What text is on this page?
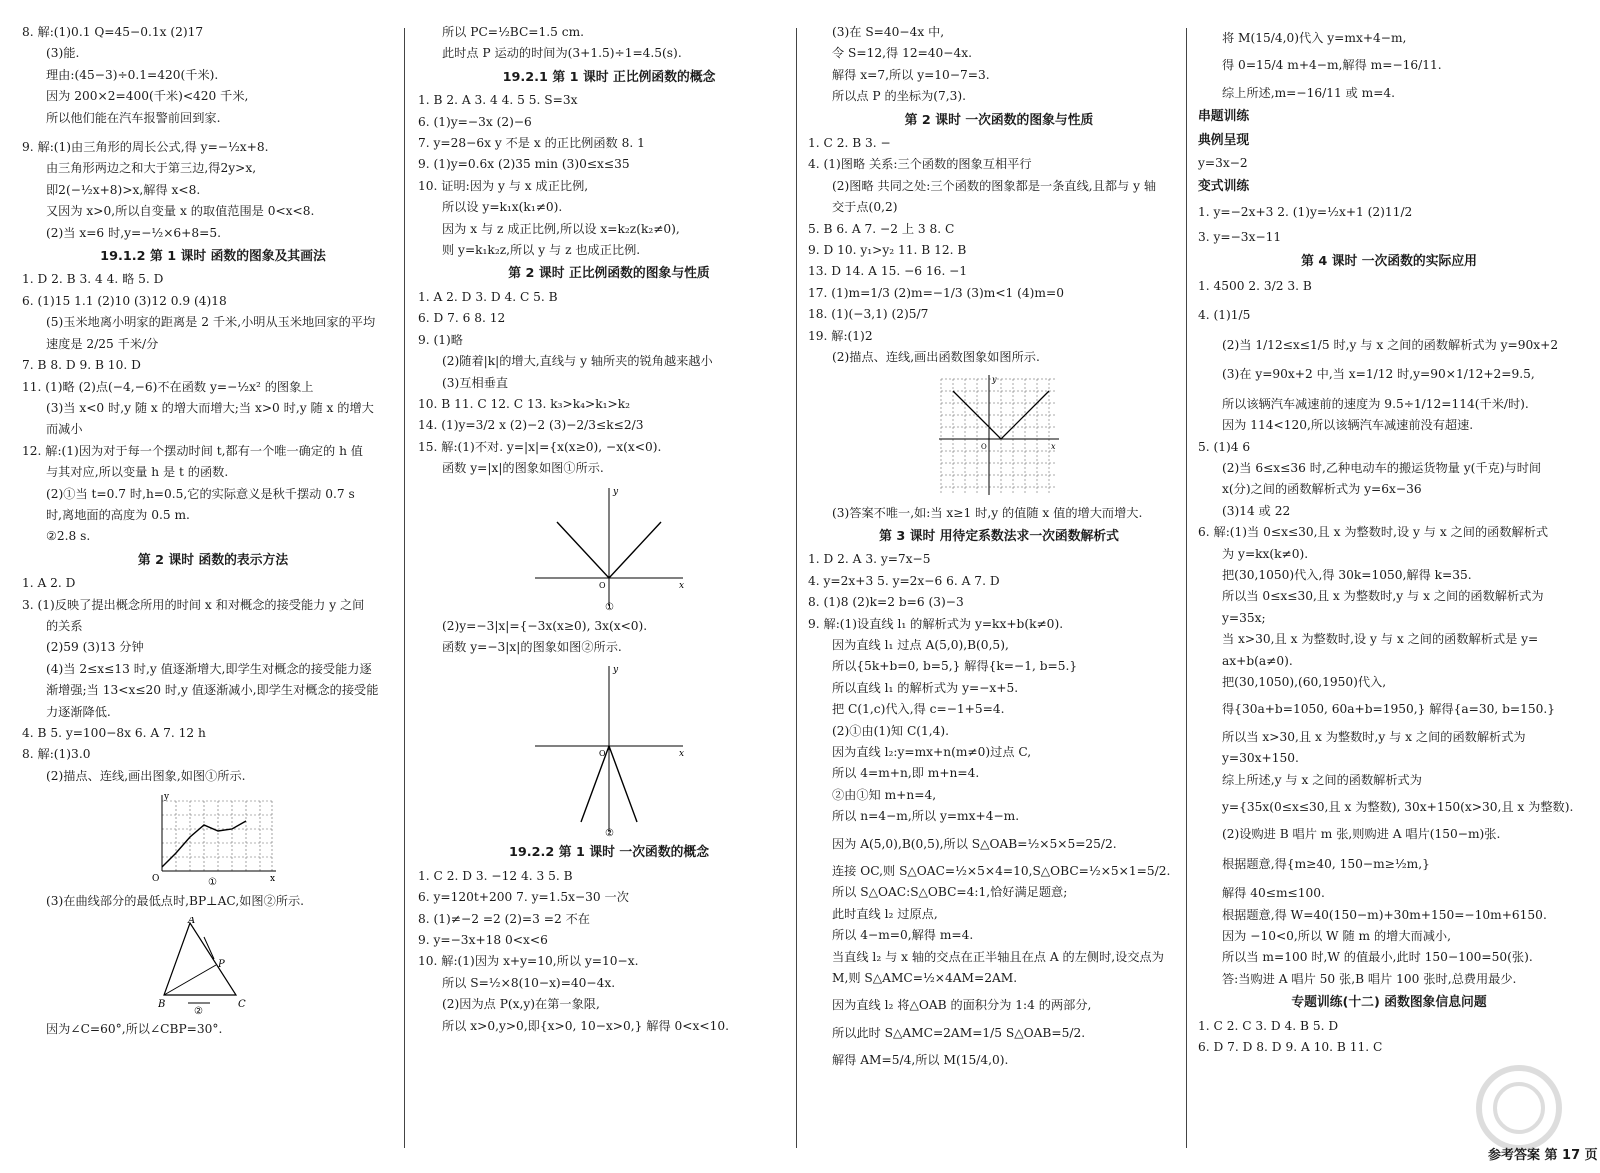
8. 解:(1)0.1 Q=45−0.1x (2)17
(3)能.
理由:(45−3)÷0.1=420(千米).
因为 200×2=400(千米)<420 千米,
所以他们能在汽车报警前回到家.
9. 解:(1)由三角形的周长公式,得 y=−½x+8.
由三角形两边之和大于第三边,得2y>x,
即2(−½x+8)>x,解得 x<8.
又因为 x>0,所以自变量 x 的取值范围是 0<x<8.
(2)当 x=6 时,y=−½×6+8=5.
19.1.2 第 1 课时 函数的图象及其画法
1. D 2. B 3. 4 4. 略 5. D
6. (1)15 1.1 (2)10 (3)12 0.9 (4)18
(5)玉米地离小明家的距离是 2 千米,小明从玉米地回家的平均
速度是 2/25 千米/分
7. B 8. D 9. B 10. D
11. (1)略 (2)点(−4,−6)不在函数 y=−½x² 的图象上
(3)当 x<0 时,y 随 x 的增大而增大;当 x>0 时,y 随 x 的增大
而减小
12. 解:(1)因为对于每一个摆动时间 t,都有一个唯一确定的 h 值
与其对应,所以变量 h 是 t 的函数.
(2)①当 t=0.7 时,h=0.5,它的实际意义是秋千摆动 0.7 s
时,离地面的高度为 0.5 m.
②2.8 s.
第 2 课时 函数的表示方法
1. A 2. D
3. (1)反映了提出概念所用的时间 x 和对概念的接受能力 y 之间
的关系
(2)59 (3)13 分钟
(4)当 2≤x≤13 时,y 值逐渐增大,即学生对概念的接受能力逐
渐增强;当 13<x≤20 时,y 值逐渐减小,即学生对概念的接受能
力逐渐降低.
4. B 5. y=100−8x 6. A 7. 12 h
8. 解:(1)3.0
(2)描点、连线,画出图象,如图①所示.
O
y
x
①
(3)在曲线部分的最低点时,BP⊥AC,如图②所示.
A
B	C
P
②
因为∠C=60°,所以∠CBP=30°.
所以 PC=½BC=1.5 cm.
此时点 P 运动的时间为(3+1.5)÷1=4.5(s).
19.2.1 第 1 课时 正比例函数的概念
1. B 2. A 3. 4 4. 5 5. S=3x
6. (1)y=−3x (2)−6
7. y=28−6x y 不是 x 的正比例函数 8. 1
9. (1)y=0.6x (2)35 min (3)0≤x≤35
10. 证明:因为 y 与 x 成正比例,
所以设 y=k₁x(k₁≠0).
因为 x 与 z 成正比例,所以设 x=k₂z(k₂≠0),
则 y=k₁k₂z,所以 y 与 z 也成正比例.
第 2 课时 正比例函数的图象与性质
1. A 2. D 3. D 4. C 5. B
6. D 7. 6 8. 12
9. (1)略
(2)随着|k|的增大,直线与 y 轴所夹的锐角越来越小
(3)互相垂直
10. B 11. C 12. C 13. k₃>k₄>k₁>k₂
14. (1)y=3/2 x (2)−2 (3)−2/3≤k≤2/3
15. 解:(1)不对. y=|x|={x(x≥0), −x(x<0).
函数 y=|x|的图象如图①所示.
x
y
O
①
(2)y=−3|x|={−3x(x≥0), 3x(x<0).
函数 y=−3|x|的图象如图②所示.
x
y
O
②
19.2.2 第 1 课时 一次函数的概念
1. C 2. D 3. −12 4. 3 5. B
6. y=120t+200 7. y=1.5x−30 一次
8. (1)≠−2 =2 (2)=3 =2 不在
9. y=−3x+18 0<x<6
10. 解:(1)因为 x+y=10,所以 y=10−x.
所以 S=½×8(10−x)=40−4x.
(2)因为点 P(x,y)在第一象限,
所以 x>0,y>0,即{x>0, 10−x>0,} 解得 0<x<10.
(3)在 S=40−4x 中,
令 S=12,得 12=40−4x.
解得 x=7,所以 y=10−7=3.
所以点 P 的坐标为(7,3).
第 2 课时 一次函数的图象与性质
1. C 2. B 3. −
4. (1)图略 关系:三个函数的图象互相平行
(2)图略 共同之处:三个函数的图象都是一条直线,且都与 y 轴
交于点(0,2)
5. B 6. A 7. −2 上 3 8. C
9. D 10. y₁>y₂ 11. B 12. B
13. D 14. A 15. −6 16. −1
17. (1)m=1/3 (2)m=−1/3 (3)m<1 (4)m=0
18. (1)(−3,1) (2)5/7
19. 解:(1)2
(2)描点、连线,画出函数图象如图所示.
x
y
O
(3)答案不唯一,如:当 x≥1 时,y 的值随 x 值的增大而增大.
第 3 课时 用待定系数法求一次函数解析式
1. D 2. A 3. y=7x−5
4. y=2x+3 5. y=2x−6 6. A 7. D
8. (1)8 (2)k=2 b=6 (3)−3
9. 解:(1)设直线 l₁ 的解析式为 y=kx+b(k≠0).
因为直线 l₁ 过点 A(5,0),B(0,5),
所以{5k+b=0, b=5,} 解得{k=−1, b=5.}
所以直线 l₁ 的解析式为 y=−x+5.
把 C(1,c)代入,得 c=−1+5=4.
(2)①由(1)知 C(1,4).
因为直线 l₂:y=mx+n(m≠0)过点 C,
所以 4=m+n,即 m+n=4.
②由①知 m+n=4,
所以 n=4−m,所以 y=mx+4−m.
因为 A(5,0),B(0,5),所以 S△OAB=½×5×5=25/2.
连接 OC,则 S△OAC=½×5×4=10,S△OBC=½×5×1=5/2.
所以 S△OAC:S△OBC=4:1,恰好满足题意;
此时直线 l₂ 过原点,
所以 4−m=0,解得 m=4.
当直线 l₂ 与 x 轴的交点在正半轴且在点 A 的左侧时,设交点为
M,则 S△AMC=½×4AM=2AM.
因为直线 l₂ 将△OAB 的面积分为 1:4 的两部分,
所以此时 S△AMC=2AM=1/5 S△OAB=5/2.
解得 AM=5/4,所以 M(15/4,0).
将 M(15/4,0)代入 y=mx+4−m,
得 0=15/4 m+4−m,解得 m=−16/11.
综上所述,m=−16/11 或 m=4.
串题训练
典例呈现
y=3x−2
变式训练
1. y=−2x+3 2. (1)y=½x+1 (2)11/2
3. y=−3x−11
第 4 课时 一次函数的实际应用
1. 4500 2. 3/2 3. B
4. (1)1/5
(2)当 1/12≤x≤1/5 时,y 与 x 之间的函数解析式为 y=90x+2
(3)在 y=90x+2 中,当 x=1/12 时,y=90×1/12+2=9.5,
所以该辆汽车减速前的速度为 9.5÷1/12=114(千米/时).
因为 114<120,所以该辆汽车减速前没有超速.
5. (1)4 6
(2)当 6≤x≤36 时,乙种电动车的搬运货物量 y(千克)与时间
x(分)之间的函数解析式为 y=6x−36
(3)14 或 22
6. 解:(1)当 0≤x≤30,且 x 为整数时,设 y 与 x 之间的函数解析式
为 y=kx(k≠0).
把(30,1050)代入,得 30k=1050,解得 k=35.
所以当 0≤x≤30,且 x 为整数时,y 与 x 之间的函数解析式为
y=35x;
当 x>30,且 x 为整数时,设 y 与 x 之间的函数解析式是 y=
ax+b(a≠0).
把(30,1050),(60,1950)代入,
得{30a+b=1050, 60a+b=1950,} 解得{a=30, b=150.}
所以当 x>30,且 x 为整数时,y 与 x 之间的函数解析式为
y=30x+150.
综上所述,y 与 x 之间的函数解析式为
y={35x(0≤x≤30,且 x 为整数), 30x+150(x>30,且 x 为整数).
(2)设购进 B 唱片 m 张,则购进 A 唱片(150−m)张.
根据题意,得{m≥40, 150−m≥½m,}
解得 40≤m≤100.
根据题意,得 W=40(150−m)+30m+150=−10m+6150.
因为 −10<0,所以 W 随 m 的增大而减小,
所以当 m=100 时,W 的值最小,此时 150−100=50(张).
答:当购进 A 唱片 50 张,B 唱片 100 张时,总费用最少.
专题训练(十二) 函数图象信息问题
1. C 2. C 3. D 4. B 5. D
6. D 7. D 8. D 9. A 10. B 11. C
参考答案 第 17 页
